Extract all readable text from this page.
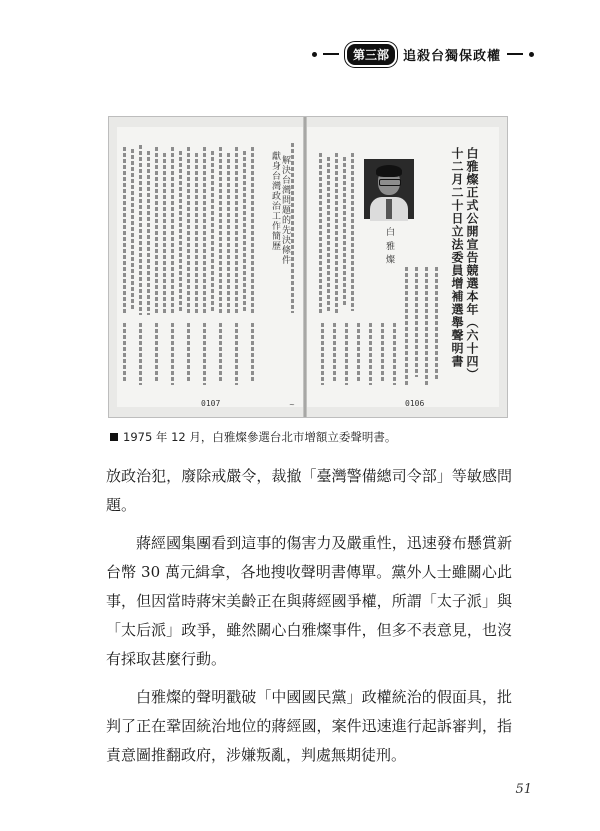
第三部	追殺台獨保政權
白雅燦正式公開宣告競選本年（六十四）十二月二十日立法委員增補選舉聲明書
獻身台灣政治工作簡歷 解決台灣問題的先決條件	白 雅 燦
0107	0106
~
1975 年 12 月，白雅燦參選台北市增額立委聲明書。

放政治犯，廢除戒嚴令，裁撤「臺灣警備總司令部」等敏感問題。

蔣經國集團看到這事的傷害力及嚴重性，迅速發布懸賞新台幣 30 萬元緝拿，各地搜收聲明書傳單。黨外人士雖關心此事，但因當時蔣宋美齡正在與蔣經國爭權，所謂「太子派」與「太后派」政爭，雖然關心白雅燦事件，但多不表意見，也沒有採取甚麼行動。

白雅燦的聲明戳破「中國國民黨」政權統治的假面具，批判了正在鞏固統治地位的蔣經國，案件迅速進行起訴審判，指責意圖推翻政府，涉嫌叛亂，判處無期徒刑。

51
